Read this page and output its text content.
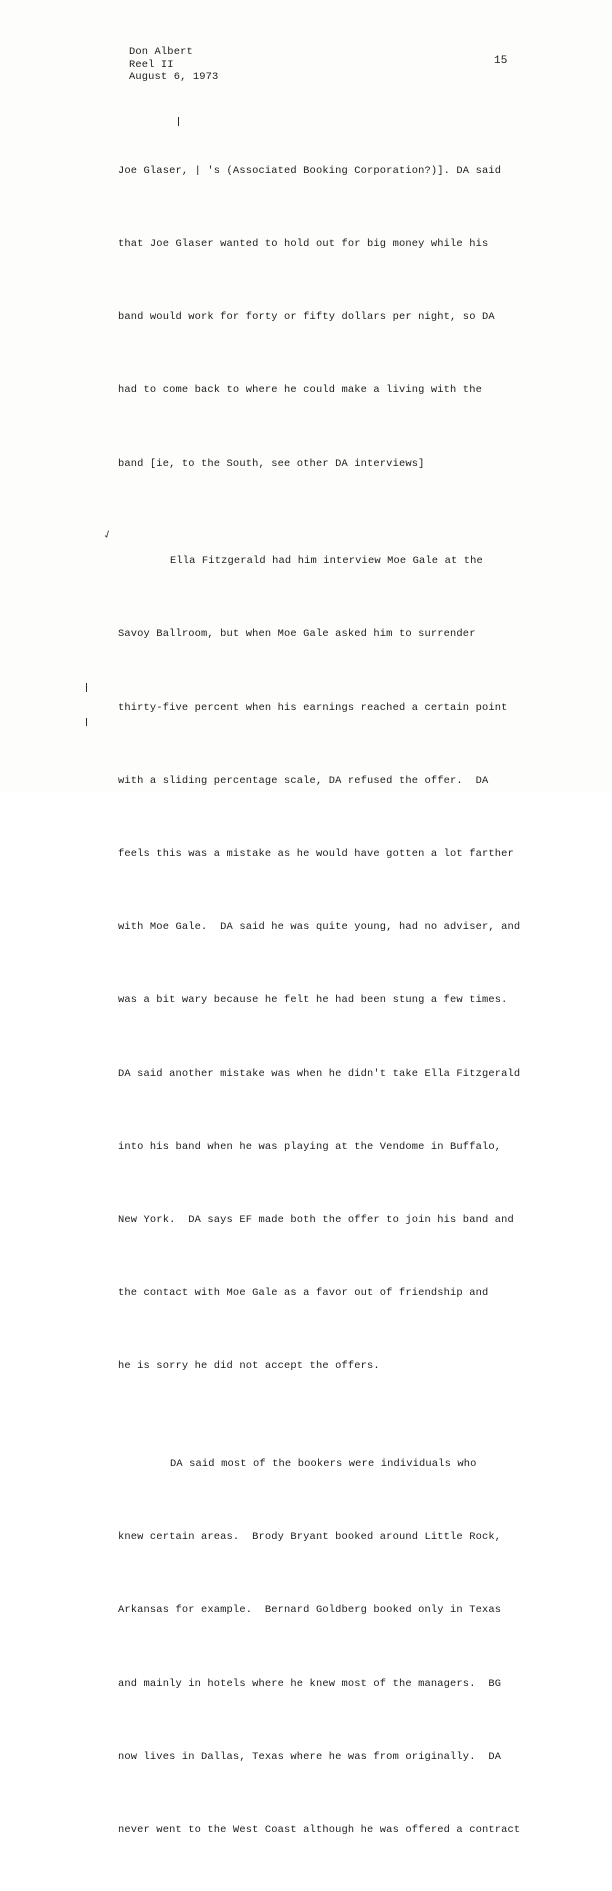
Don Albert
Reel II
August 6, 1973
15

Joe Glaser, | 's (Associated Booking Corporation?)]. DA said

that Joe Glaser wanted to hold out for big money while his

band would work for forty or fifty dollars per night, so DA

had to come back to where he could make a living with the

band [ie, to the South, see other DA interviews]

Ella Fitzgerald had him interview Moe Gale at the

Savoy Ballroom, but when Moe Gale asked him to surrender

thirty-five percent when his earnings reached a certain point

with a sliding percentage scale, DA refused the offer.  DA

feels this was a mistake as he would have gotten a lot farther

with Moe Gale.  DA said he was quite young, had no adviser, and

was a bit wary because he felt he had been stung a few times.

DA said another mistake was when he didn't take Ella Fitzgerald

into his band when he was playing at the Vendome in Buffalo,

New York.  DA says EF made both the offer to join his band and

the contact with Moe Gale as a favor out of friendship and

he is sorry he did not accept the offers.

DA said most of the bookers were individuals who

knew certain areas.  Brody Bryant booked around Little Rock,

Arkansas for example.  Bernard Goldberg booked only in Texas

and mainly in hotels where he knew most of the managers.  BG

now lives in Dallas, Texas where he was from originally.  DA

never went to the West Coast although he was offered a contract

✓
